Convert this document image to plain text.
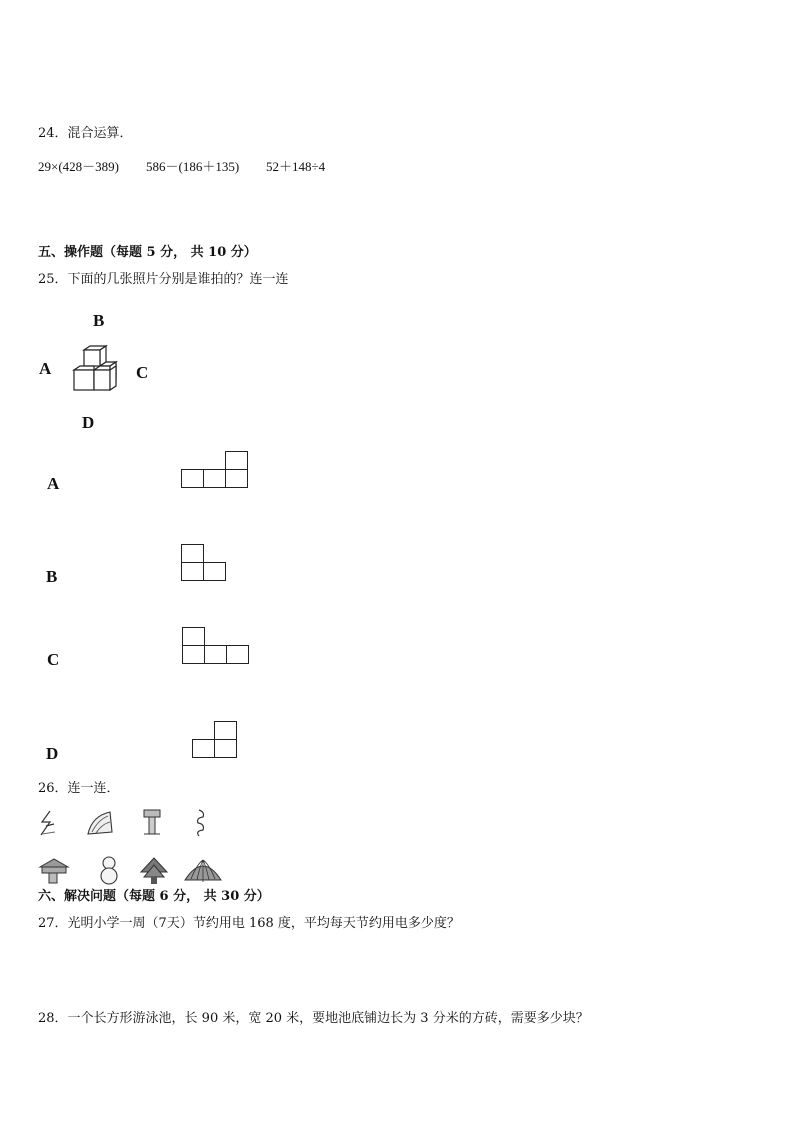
24．混合运算．
29×(428－389) 586－(186＋135) 52＋148÷4
五、操作题（每题 5 分， 共 10 分）
25．下面的几张照片分别是谁拍的？连一连
B
A	C
D
A
B
C
D
26．连一连．
六、解决问题（每题 6 分， 共 30 分）
27．光明小学一周（7天）节约用电 168 度，平均每天节约用电多少度？
28．一个长方形游泳池，长 90 米，宽 20 米，要地池底铺边长为 3 分米的方砖，需要多少块？
